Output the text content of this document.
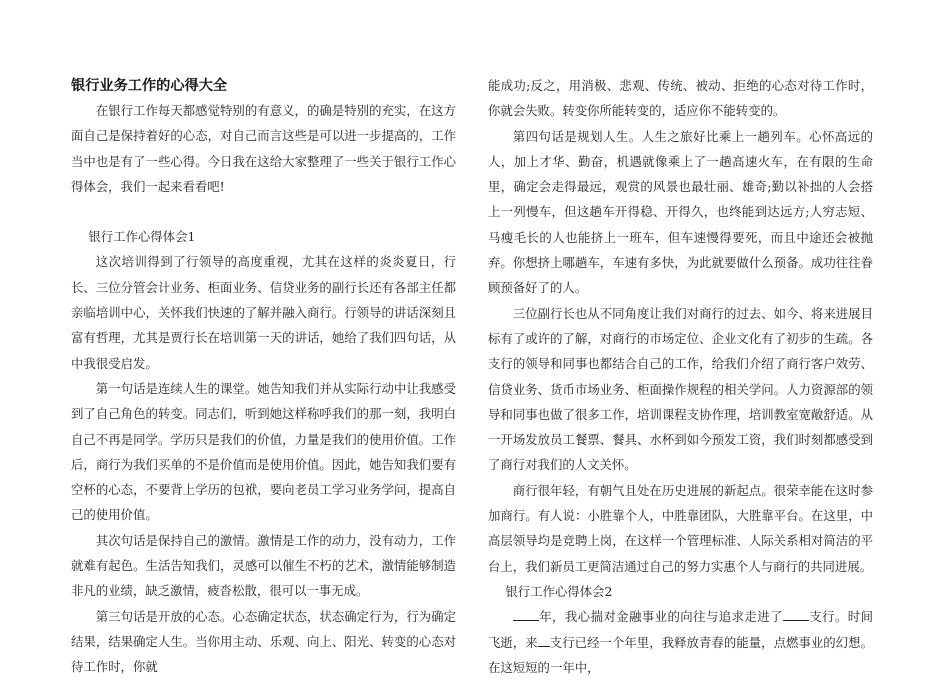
银行业务工作的心得大全

在银行工作每天都感觉特别的有意义，的确是特别的充实，在这方面自己是保持着好的心态，对自己而言这些是可以进一步提高的，工作当中也是有了一些心得。今日我在这给大家整理了一些关于银行工作心得体会，我们一起来看看吧!

银行工作心得体会1

这次培训得到了行领导的高度重视，尤其在这样的炎炎夏日，行长、三位分管会计业务、柜面业务、信贷业务的副行长还有各部主任都亲临培训中心，关怀我们快速的了解并融入商行。行领导的讲话深刻且富有哲理，尤其是贾行长在培训第一天的讲话，她给了我们四句话，从中我很受启发。

第一句话是连续人生的课堂。她告知我们并从实际行动中让我感受到了自己角色的转变。同志们，听到她这样称呼我们的那一刻，我明白自己不再是同学。学历只是我们的价值，力量是我们的使用价值。工作后，商行为我们买单的不是价值而是使用价值。因此，她告知我们要有空杯的心态，不要背上学历的包袱，要向老员工学习业务学问，提高自己的使用价值。

其次句话是保持自己的激情。激情是工作的动力，没有动力，工作就难有起色。生活告知我们，灵感可以催生不朽的艺术，激情能够制造非凡的业绩，缺乏激情，疲沓松散，很可以一事无成。

第三句话是开放的心态。心态确定状态，状态确定行为，行为确定结果，结果确定人生。当你用主动、乐观、向上、阳光、转变的心态对待工作时，你就

能成功;反之，用消极、悲观、传统、被动、拒绝的心态对待工作时，你就会失败。转变你所能转变的，适应你不能转变的。

第四句话是规划人生。人生之旅好比乘上一趟列车。心怀高远的人，加上才华、勤奋，机遇就像乘上了一趟高速火车，在有限的生命里，确定会走得最远，观赏的风景也最壮丽、雄奇;勤以补拙的人会搭上一列慢车，但这趟车开得稳、开得久，也终能到达远方;人穷志短、马瘦毛长的人也能挤上一班车，但车速慢得要死，而且中途还会被抛弃。你想挤上哪趟车，车速有多快，为此就要做什么预备。成功往往眷顾预备好了的人。

三位副行长也从不同角度让我们对商行的过去、如今、将来进展目标有了或许的了解，对商行的市场定位、企业文化有了初步的生疏。各支行的领导和同事也都结合自己的工作，给我们介绍了商行客户效劳、信贷业务、货币市场业务、柜面操作规程的相关学问。人力资源部的领导和同事也做了很多工作，培训课程支协作理，培训教室宽敞舒适。从一开场发放员工餐票、餐具、水杯到如今预发工资，我们时刻都感受到了商行对我们的人文关怀。

商行很年轻，有朝气且处在历史进展的新起点。很荣幸能在这时参加商行。有人说：小胜靠个人，中胜靠团队，大胜靠平台。在这里，中高层领导均是竞聘上岗，在这样一个管理标准、人际关系相对简洁的平台上，我们新员工更简洁通过自己的努力实惠个人与商行的共同进展。

银行工作心得体会2

年，我心揣对金融事业的向往与追求走进了 支行。时间飞逝，来 支行已经一个年里，我释放青春的能量，点燃事业的幻想。在这短短的一年中，
